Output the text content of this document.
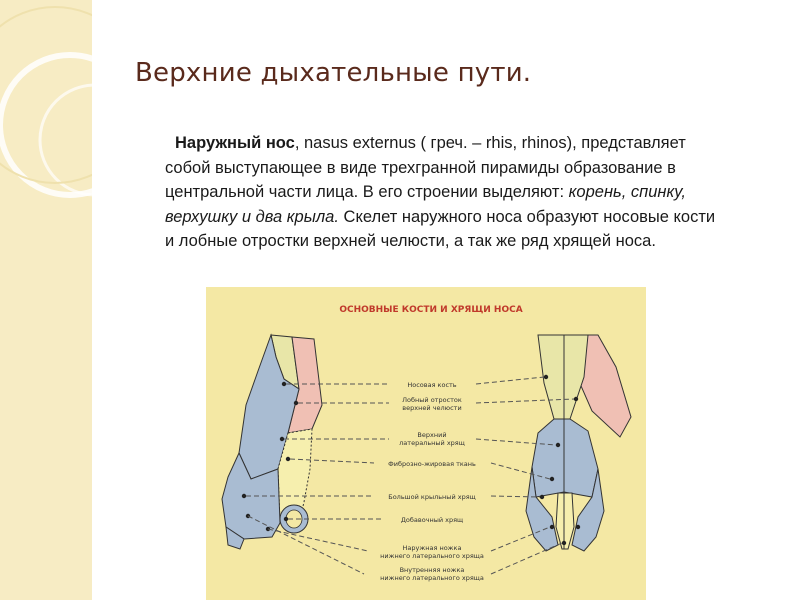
Верхние дыхательные пути.
Наружный нос, nasus externus ( греч. – rhis, rhinos), представляет собой выступающее в виде трехгранной пирамиды образование в центральной части лица. В его строении выделяют: корень, спинку, верхушку и два крыла. Скелет наружного носа образуют носовые кости и лобные отростки верхней челюсти, а так же ряд хрящей носа.
ОСНОВНЫЕ КОСТИ И ХРЯЩИ НОСА
Носовая кость
Лобный отросток
верхней челюсти
Верхний
латеральный хрящ
Фиброзно-жировая ткань
Большой крыльный хрящ
Добавочный хрящ
Наружная ножка
нижнего латерального хряща
Внутренняя ножка
нижнего латерального хряща
